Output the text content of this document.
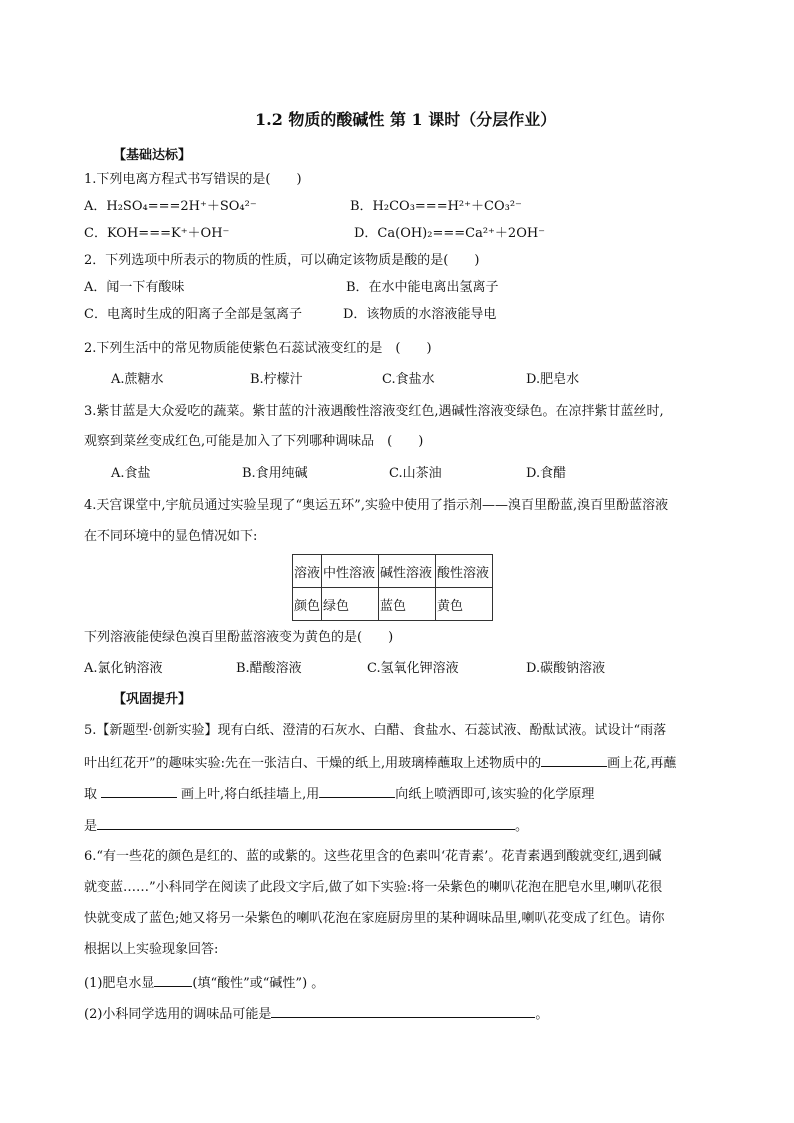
1.2 物质的酸碱性 第 1 课时（分层作业）
【基础达标】
1.下列电离方程式书写错误的是(　　)
A．H₂SO₄===2H⁺＋SO₄²⁻	B．H₂CO₃===H²⁺＋CO₃²⁻
C．KOH===K⁺＋OH⁻	D．Ca(OH)₂===Ca²⁺＋2OH⁻
2．下列选项中所表示的物质的性质，可以确定该物质是酸的是(　　)
A．闻一下有酸味	B．在水中能电离出氢离子
C．电离时生成的阳离子全部是氢离子	D．该物质的水溶液能导电
2.下列生活中的常见物质能使紫色石蕊试液变红的是　(　　)
A.蔗糖水	B.柠檬汁	C.食盐水	D.肥皂水
3.紫甘蓝是大众爱吃的蔬菜。紫甘蓝的汁液遇酸性溶液变红色,遇碱性溶液变绿色。在凉拌紫甘蓝丝时,
观察到菜丝变成红色,可能是加入了下列哪种调味品　(　　)
A.食盐	B.食用纯碱	C.山茶油	D.食醋
4.天宫课堂中,宇航员通过实验呈现了“奥运五环”,实验中使用了指示剂——溴百里酚蓝,溴百里酚蓝溶液
在不同环境中的显色情况如下:
溶液	中性溶液	碱性溶液	酸性溶液
颜色	绿色	蓝色	黄色
下列溶液能使绿色溴百里酚蓝溶液变为黄色的是(　　)
A.氯化钠溶液	B.醋酸溶液	C.氢氧化钾溶液	D.碳酸钠溶液
【巩固提升】
5.【新题型·创新实验】现有白纸、澄清的石灰水、白醋、食盐水、石蕊试液、酚酞试液。试设计“雨落
叶出红花开”的趣味实验:先在一张洁白、干燥的纸上,用玻璃棒蘸取上述物质中的	画上花,再蘸
取	画上叶,将白纸挂墙上,用	向纸上喷洒即可,该实验的化学原理
是	。
6.“有一些花的颜色是红的、蓝的或紫的。这些花里含的色素叫‘花青素’。花青素遇到酸就变红,遇到碱
就变蓝……”小科同学在阅读了此段文字后,做了如下实验:将一朵紫色的喇叭花泡在肥皂水里,喇叭花很
快就变成了蓝色;她又将另一朵紫色的喇叭花泡在家庭厨房里的某种调味品里,喇叭花变成了红色。请你
根据以上实验现象回答:
(1)肥皂水显	(填“酸性”或“碱性”) 。
(2)小科同学选用的调味品可能是	。
